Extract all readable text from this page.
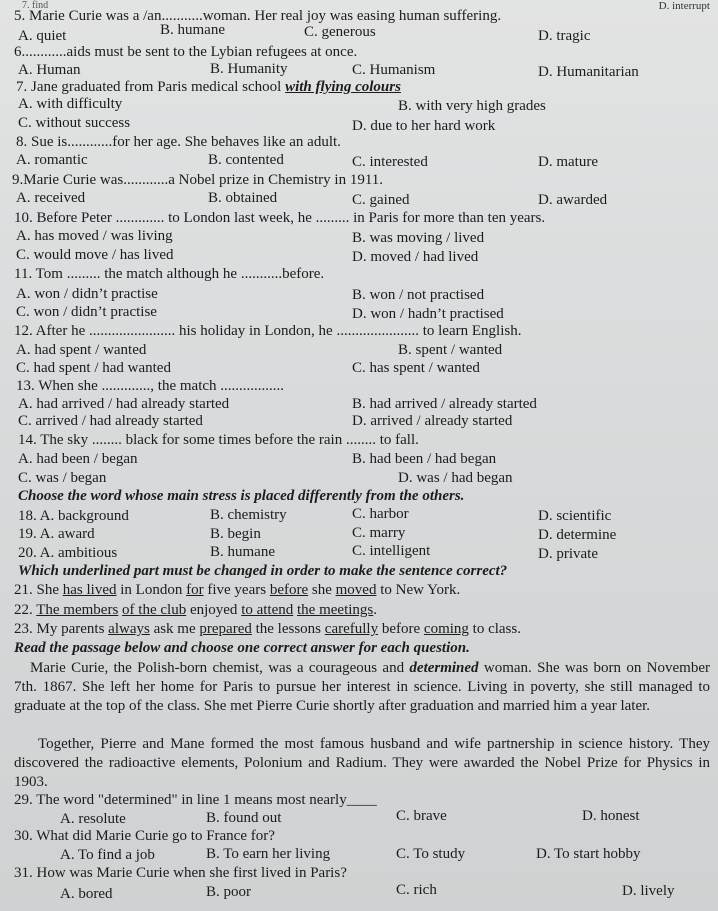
7. find	D. interrupt
5. Marie Curie was a /an...........woman. Her real joy was easing human suffering.
A. quiet	B. humane	C. generous	D. tragic
6............aids must be sent to the Lybian refugees at once.
A. Human	B. Humanity	C. Humanism	D. Humanitarian
7. Jane graduated from Paris medical school with flying colours
A. with difficulty	B. with very high grades
C. without success	D. due to her hard work
8. Sue is............for her age. She behaves like an adult.
A. romantic	B. contented	C. interested	D. mature
9.Marie Curie was............a Nobel prize in Chemistry in 1911.
A. received	B. obtained	C. gained	D. awarded
10. Before Peter ............. to London last week, he ......... in Paris for more than ten years.
A. has moved / was living	B. was moving / lived
C. would move / has lived	D. moved / had lived
11. Tom ......... the match although he ...........before.
A. won / didn’t practise	B. won / not practised
C. won / didn’t practise	D. won / hadn’t practised
12. After he ....................... his holiday in London, he ...................... to learn English.
A. had spent / wanted	B. spent / wanted
C. had spent / had wanted	C. has spent / wanted
13. When she ............., the match .................
A. had arrived / had already started	B. had arrived / already started
C. arrived / had already started	D. arrived / already started
14. The sky ........ black for some times before the rain ........ to fall.
A. had been / began	B. had been / had began
C. was / began	D. was / had began
Choose the word whose main stress is placed differently from the others.
18. A. background	B. chemistry	C. harbor	D. scientific
19. A. award	B. begin	C. marry	D. determine
20. A. ambitious	B. humane	C. intelligent	D. private
Which underlined part must be changed in order to make the sentence correct?
21. She has lived in London for five years before she moved to New York.
22. The members of the club enjoyed to attend the meetings.
23. My parents always ask me prepared the lessons carefully before coming to class.
Read the passage below and choose one correct answer for each question.

Marie Curie, the Polish-born chemist, was a courageous and determined woman. She was born on November 7th. 1867. She left her home for Paris to pursue her interest in science. Living in poverty, she still managed to graduate at the top of the class. She met Pierre Curie shortly after graduation and married him a year later.

Together, Pierre and Mane formed the most famous husband and wife partnership in science history. They discovered the radioactive elements, Polonium and Radium. They were awarded the Nobel Prize for Physics in 1903.

29. The word "determined" in line 1 means most nearly____
A. resolute	B. found out	C. brave	D. honest
30. What did Marie Curie go to France for?
A. To find a job	B. To earn her living	C. To study	D. To start hobby
31. How was Marie Curie when she first lived in Paris?
A. bored	B. poor	C. rich	D. lively
